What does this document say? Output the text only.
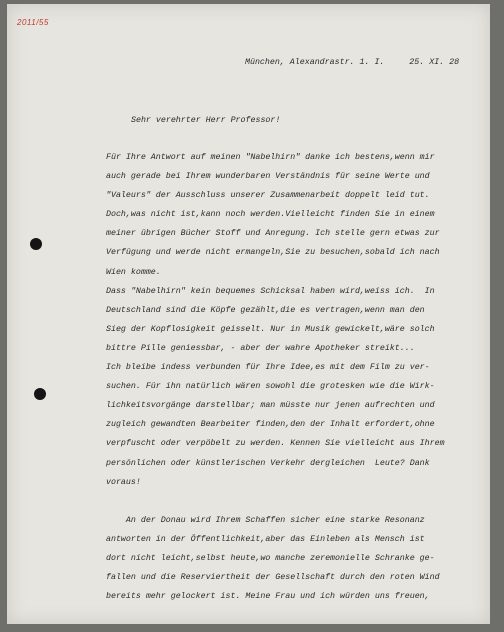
2011/55
München, Alexandrastr. 1. I.     25. XI. 28
Sehr verehrter Herr Professor!
Für Ihre Antwort auf meinen "Nabelhirn" danke ich bestens,wenn mir
auch gerade bei Ihrem wunderbaren Verständnis für seine Werte und
"Valeurs" der Ausschluss unserer Zusammenarbeit doppelt leid tut.
Doch,was nicht ist,kann noch werden.Vielleicht finden Sie in einem
meiner übrigen Bücher Stoff und Anregung. Ich stelle gern etwas zur
Verfügung und werde nicht ermangeln,Sie zu besuchen,sobald ich nach
Wien komme.
Dass "Nabelhirn" kein bequemes Schicksal haben wird,weiss ich.  In
Deutschland sind die Köpfe gezählt,die es vertragen,wenn man den
Sieg der Kopflosigkeit geisselt. Nur in Musik gewickelt,wäre solch
bittre Pille geniessbar, - aber der wahre Apotheker streikt...
Ich bleibe indess verbunden für Ihre Idee,es mit dem Film zu ver-
suchen. Für ihn natürlich wären sowohl die grotesken wie die Wirk-
lichkeitsvorgänge darstellbar; man müsste nur jenen aufrechten und
zugleich gewandten Bearbeiter finden,den der Inhalt erfordert,ohne
verpfuscht oder verpöbelt zu werden. Kennen Sie vielleicht aus Ihrem
persönlichen oder künstlerischen Verkehr dergleichen  Leute? Dank
voraus!
An der Donau wird Ihrem Schaffen sicher eine starke Resonanz
antworten in der Öffentlichkeit,aber das Einleben als Mensch ist
dort nicht leicht,selbst heute,wo manche zeremonielle Schranke ge-
fallen und die Reserviertheit der Gesellschaft durch den roten Wind
bereits mehr gelockert ist. Meine Frau und ich würden uns freuen,
